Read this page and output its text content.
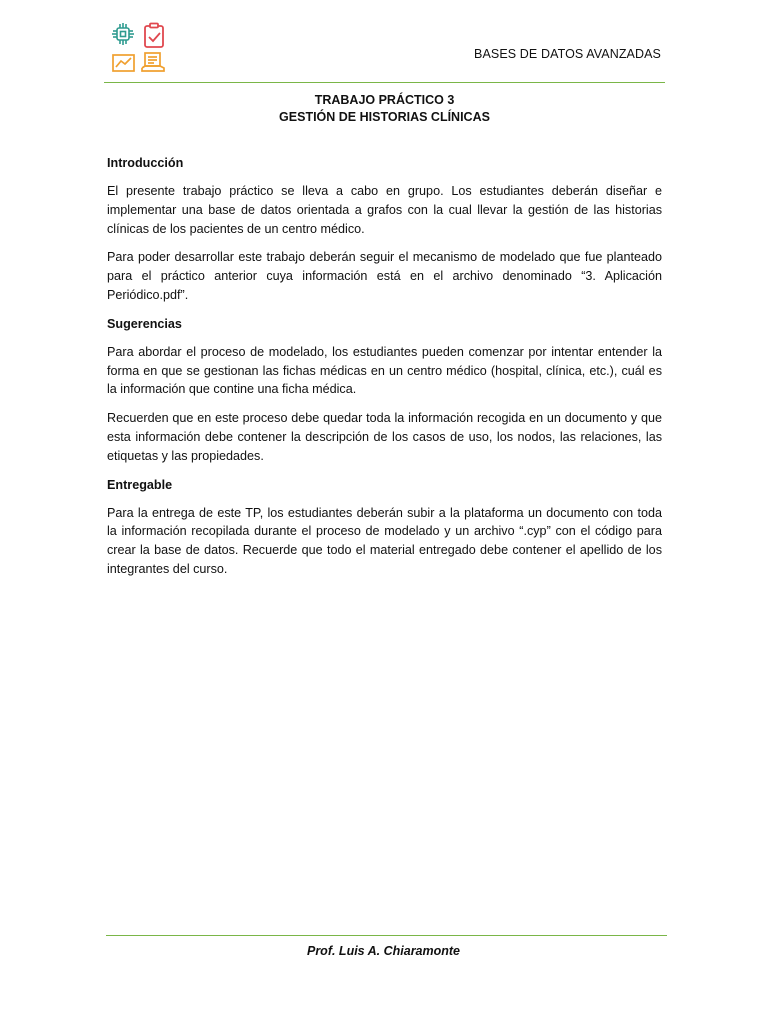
BASES DE DATOS AVANZADAS
TRABAJO PRÁCTICO 3
GESTIÓN DE HISTORIAS CLÍNICAS
Introducción

El presente trabajo práctico se lleva a cabo en grupo. Los estudiantes deberán diseñar e implementar una base de datos orientada a grafos con la cual llevar la gestión de las historias clínicas de los pacientes de un centro médico.

Para poder desarrollar este trabajo deberán seguir el mecanismo de modelado que fue planteado para el práctico anterior cuya información está en el archivo denominado “3. Aplicación Periódico.pdf”.

Sugerencias

Para abordar el proceso de modelado, los estudiantes pueden comenzar por intentar entender la forma en que se gestionan las fichas médicas en un centro médico (hospital, clínica, etc.), cuál es la información que contine una ficha médica.

Recuerden que en este proceso debe quedar toda la información recogida en un documento y que esta información debe contener la descripción de los casos de uso, los nodos, las relaciones, las etiquetas y las propiedades.

Entregable

Para la entrega de este TP, los estudiantes deberán subir a la plataforma un documento con toda la información recopilada durante el proceso de modelado y un archivo “.cyp” con el código para crear la base de datos. Recuerde que todo el material entregado debe contener el apellido de los integrantes del curso.

Prof. Luis A. Chiaramonte
